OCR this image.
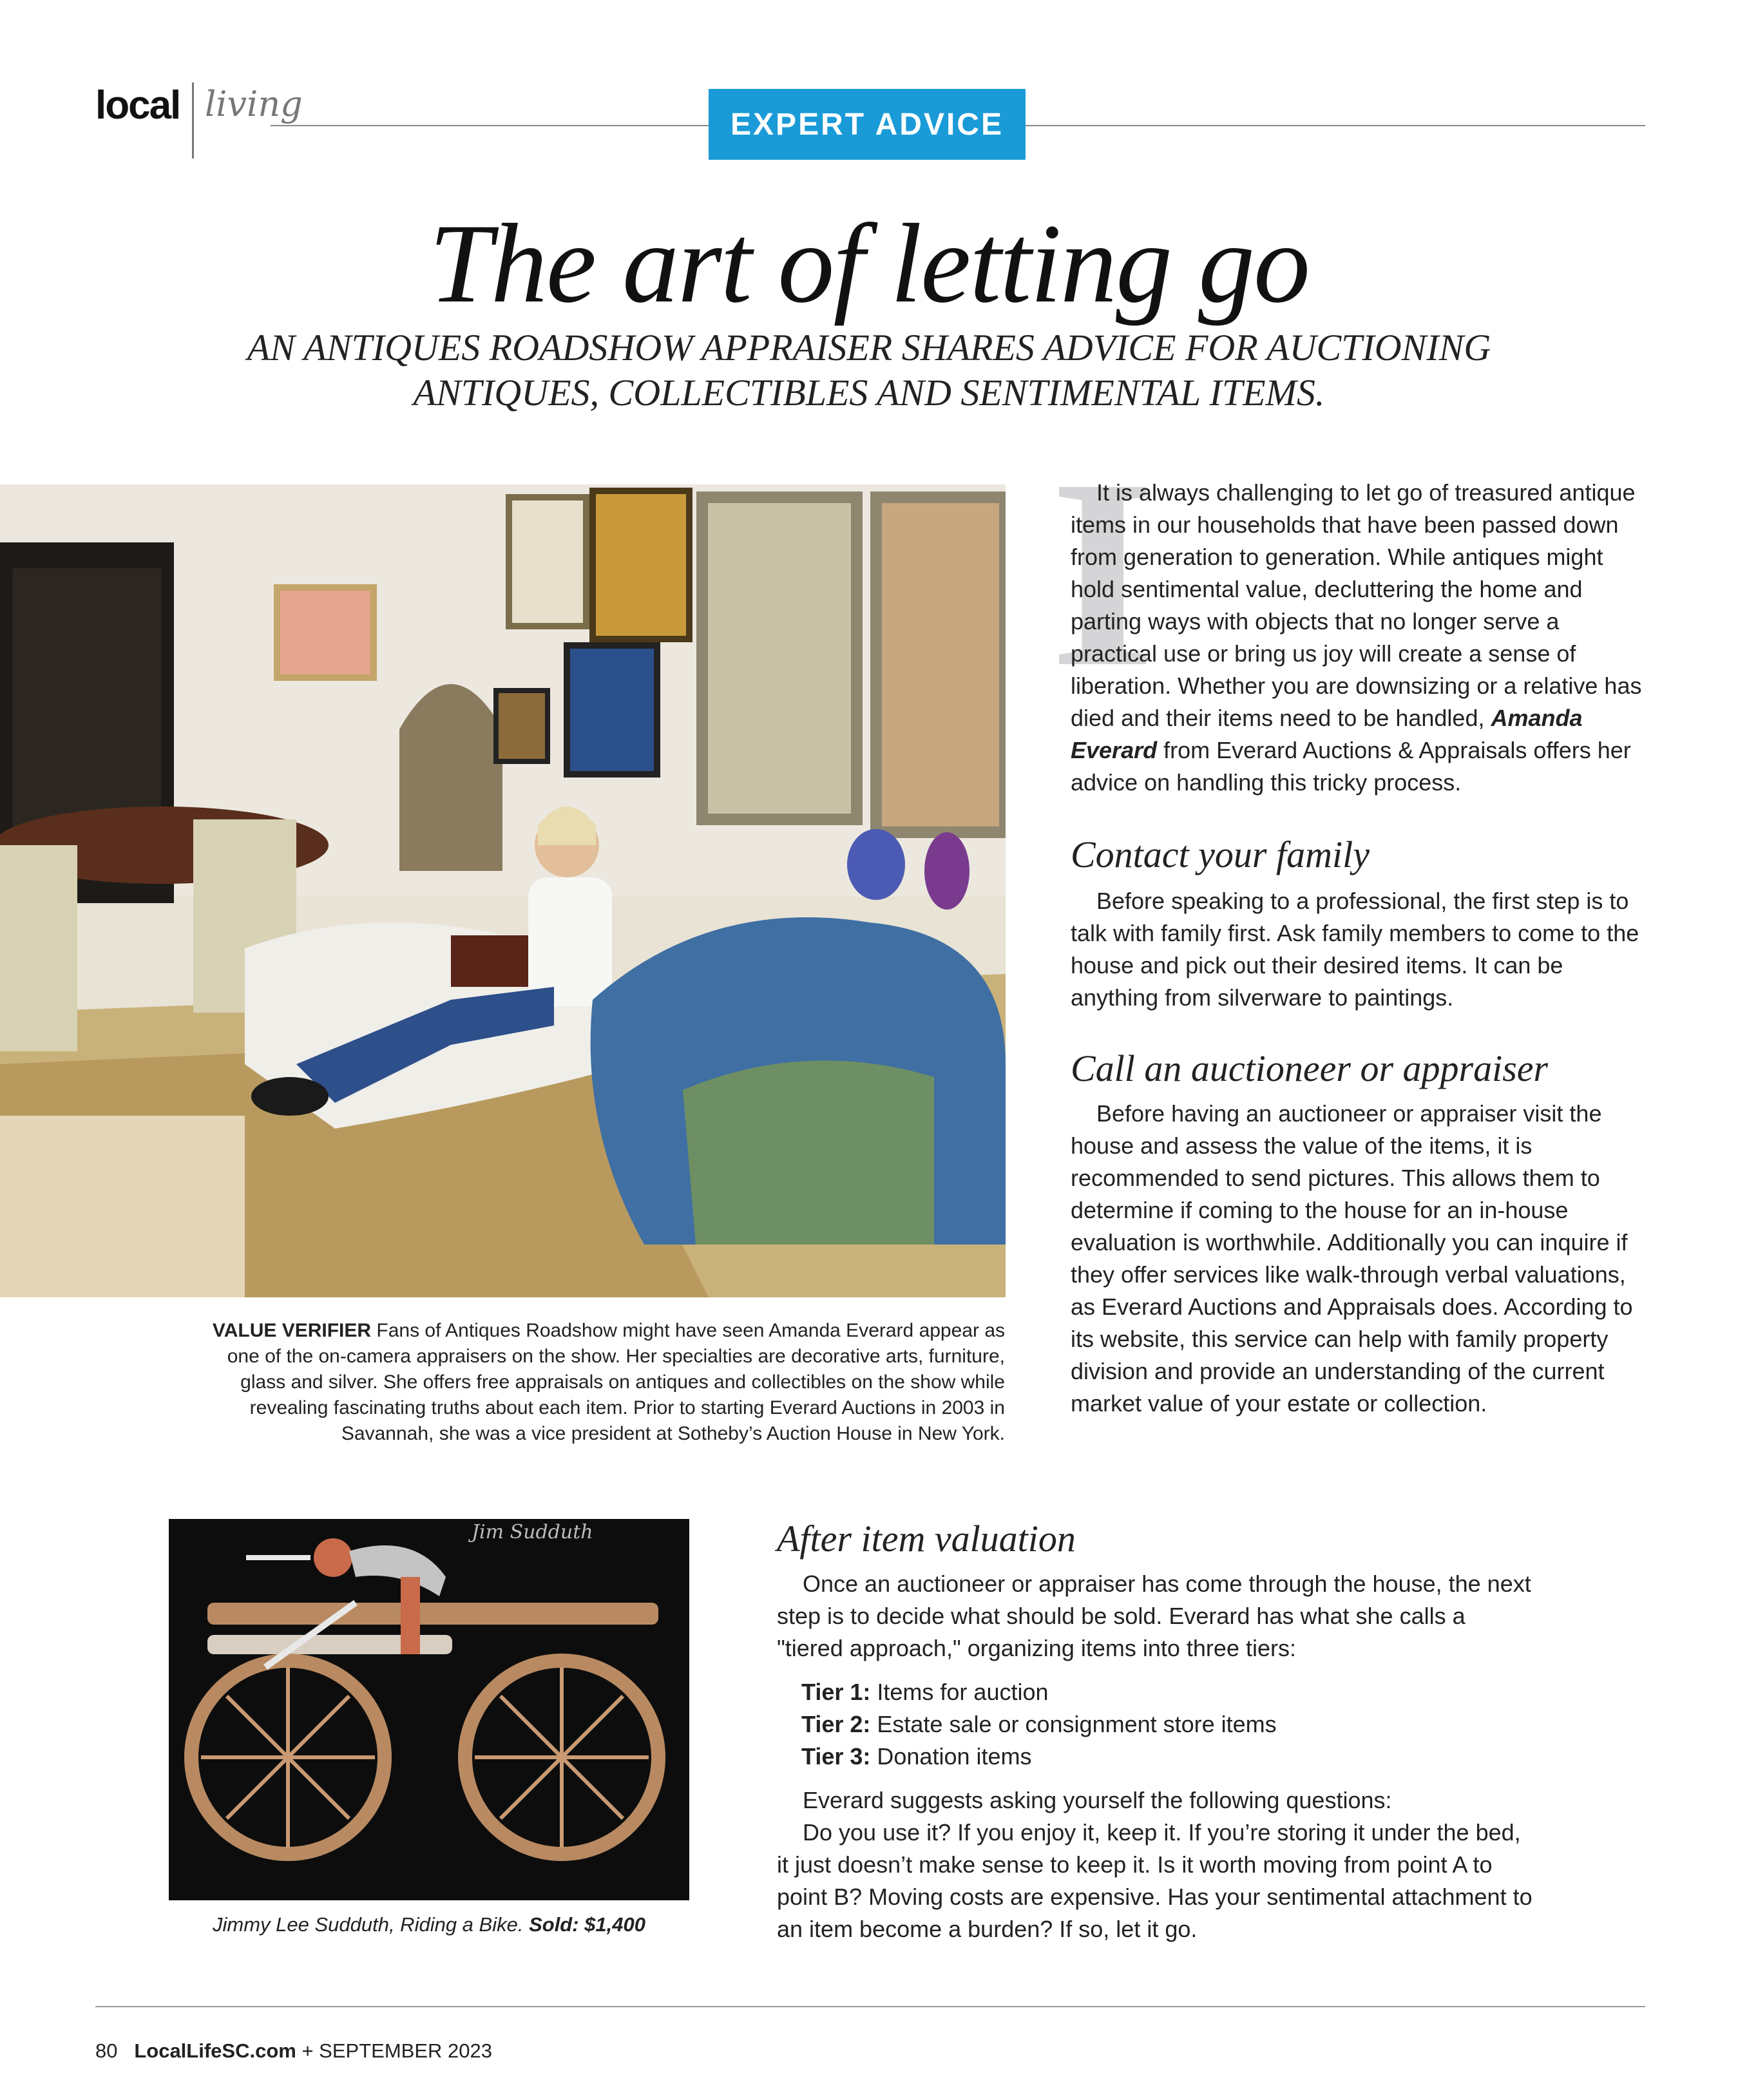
local living	EXPERT ADVICE
The art of letting go
AN ANTIQUES ROADSHOW APPRAISER SHARES ADVICE FOR AUCTIONING
ANTIQUES, COLLECTIBLES AND SENTIMENTAL ITEMS.
VALUE VERIFIER Fans of Antiques Roadshow might have seen Amanda Everard appear as one of the on-camera appraisers on the show. Her specialties are decorative arts, furniture, glass and silver. She offers free appraisals on antiques and collectibles on the show while revealing fascinating truths about each item. Prior to starting Everard Auctions in 2003 in Savannah, she was a vice president at Sotheby’s Auction House in New York.
I

It is always challenging to let go of treasured antique items in our households that have been passed down from generation to generation. While antiques might hold sentimental value, decluttering the home and parting ways with objects that no longer serve a practical use or bring us joy will create a sense of liberation. Whether you are downsizing or a relative has died and their items need to be handled, Amanda Everard from Everard Auctions & Appraisals offers her advice on handling this tricky process.

Contact your family

Before speaking to a professional, the first step is to talk with family first. Ask family members to come to the house and pick out their desired items. It can be anything from silverware to paintings.

Call an auctioneer or appraiser

Before having an auctioneer or appraiser visit the house and assess the value of the items, it is recommended to send pictures. This allows them to determine if coming to the house for an in-house evaluation is worthwhile. Additionally you can inquire if they offer services like walk-through verbal valuations, as Everard Auctions and Appraisals does. According to its website, this service can help with family property division and provide an understanding of the current market value of your estate or collection.

Jim Sudduth
Jimmy Lee Sudduth, Riding a Bike. Sold: $1,400
After item valuation

Once an auctioneer or appraiser has come through the house, the next step is to decide what should be sold. Everard has what she calls a "tiered approach," organizing items into three tiers:

Tier 1: Items for auction
Tier 2: Estate sale or consignment store items
Tier 3: Donation items

Everard suggests asking yourself the following questions:

Do you use it? If you enjoy it, keep it. If you’re storing it under the bed, it just doesn’t make sense to keep it. Is it worth moving from point A to point B? Moving costs are expensive. Has your sentimental attachment to an item become a burden? If so, let it go.

80 LocalLifeSC.com + SEPTEMBER 2023
